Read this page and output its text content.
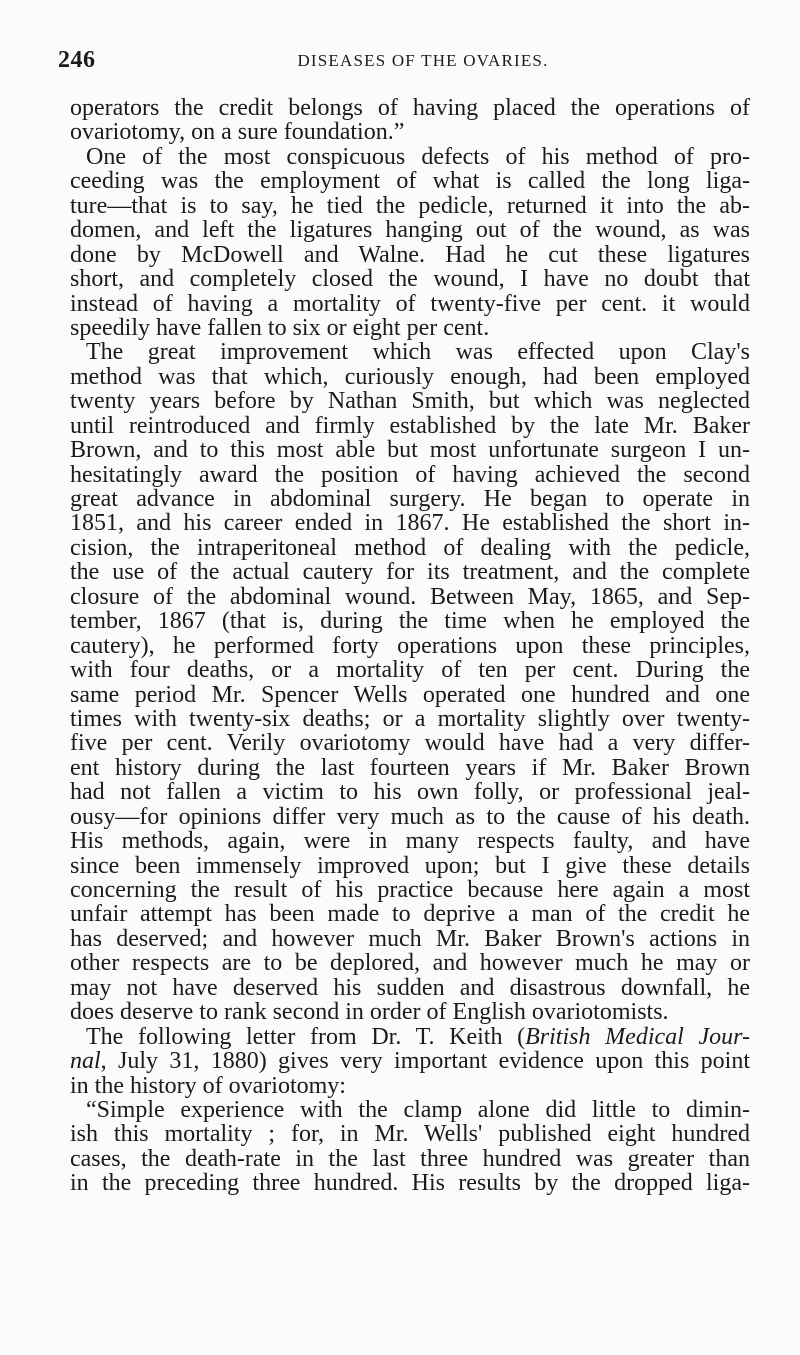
246	DISEASES OF THE OVARIES.
operators the credit belongs of having placed the operations of
ovariotomy, on a sure foundation.”
One of the most conspicuous defects of his method of pro-
ceeding was the employment of what is called the long liga-
ture—that is to say, he tied the pedicle, returned it into the ab-
domen, and left the ligatures hanging out of the wound, as was
done by McDowell and Walne. Had he cut these ligatures
short, and completely closed the wound, I have no doubt that
instead of having a mortality of twenty-five per cent. it would
speedily have fallen to six or eight per cent.
The great improvement which was effected upon Clay's
method was that which, curiously enough, had been employed
twenty years before by Nathan Smith, but which was neglected
until reintroduced and firmly established by the late Mr. Baker
Brown, and to this most able but most unfortunate surgeon I un-
hesitatingly award the position of having achieved the second
great advance in abdominal surgery. He began to operate in
1851, and his career ended in 1867. He established the short in-
cision, the intraperitoneal method of dealing with the pedicle,
the use of the actual cautery for its treatment, and the complete
closure of the abdominal wound. Between May, 1865, and Sep-
tember, 1867 (that is, during the time when he employed the
cautery), he performed forty operations upon these principles,
with four deaths, or a mortality of ten per cent. During the
same period Mr. Spencer Wells operated one hundred and one
times with twenty-six deaths; or a mortality slightly over twenty-
five per cent. Verily ovariotomy would have had a very differ-
ent history during the last fourteen years if Mr. Baker Brown
had not fallen a victim to his own folly, or professional jeal-
ousy—for opinions differ very much as to the cause of his death.
His methods, again, were in many respects faulty, and have
since been immensely improved upon; but I give these details
concerning the result of his practice because here again a most
unfair attempt has been made to deprive a man of the credit he
has deserved; and however much Mr. Baker Brown's actions in
other respects are to be deplored, and however much he may or
may not have deserved his sudden and disastrous downfall, he
does deserve to rank second in order of English ovariotomists.
The following letter from Dr. T. Keith (British Medical Jour-
nal, July 31, 1880) gives very important evidence upon this point
in the history of ovariotomy:
“Simple experience with the clamp alone did little to dimin-
ish this mortality ; for, in Mr. Wells' published eight hundred
cases, the death-rate in the last three hundred was greater than
in the preceding three hundred. His results by the dropped liga-
